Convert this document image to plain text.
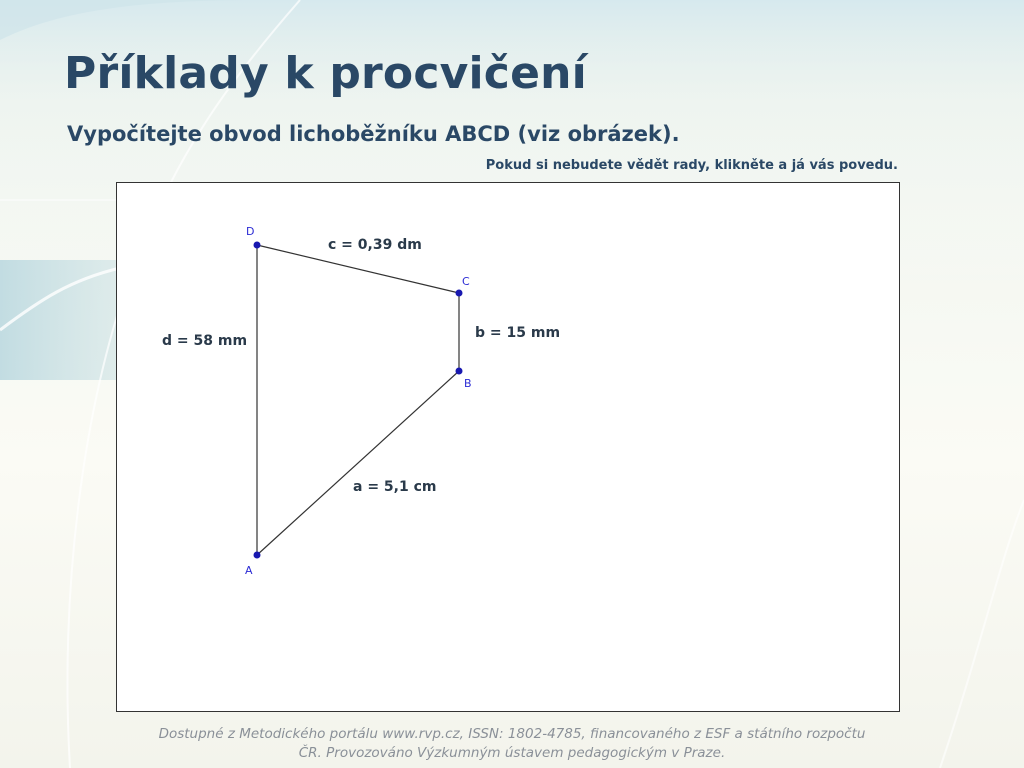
Příklady k procvičení
Vypočítejte obvod lichoběžníku ABCD (viz obrázek).
Pokud si nebudete vědět rady, klikněte a já vás povedu.
A
B
C
D
c = 0,39 dm
b = 15 mm
d = 58 mm
a = 5,1 cm
Dostupné z Metodického portálu www.rvp.cz, ISSN: 1802-4785, financovaného z ESF a státního rozpočtu
ČR. Provozováno Výzkumným ústavem pedagogickým v Praze.
